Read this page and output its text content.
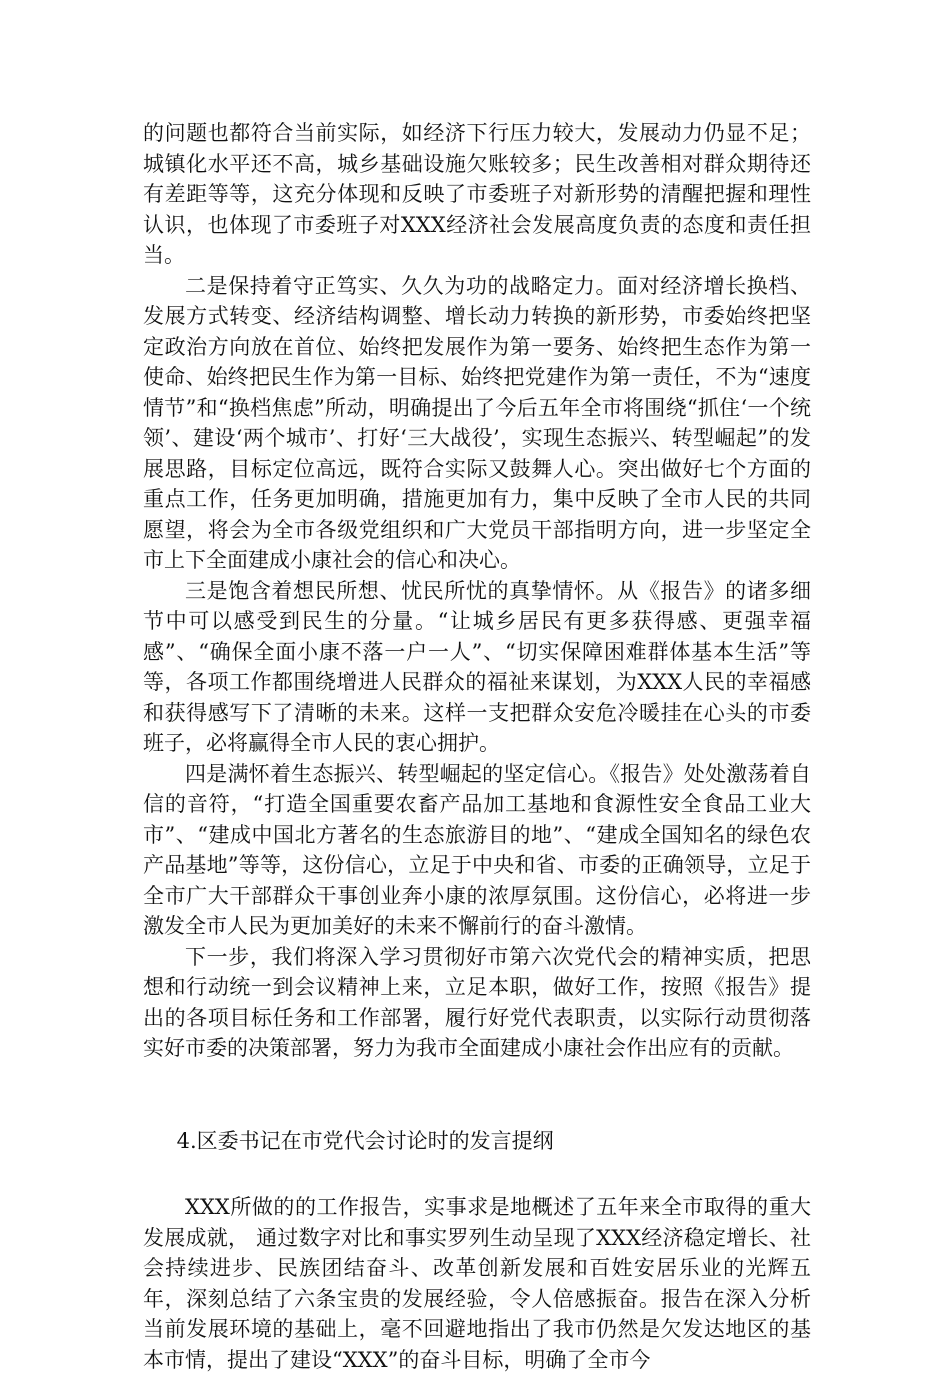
的问题也都符合当前实际，如经济下行压力较大，发展动力仍显不足；城镇化水平还不高，城乡基础设施欠账较多；民生改善相对群众期待还有差距等等，这充分体现和反映了市委班子对新形势的清醒把握和理性认识，也体现了市委班子对XXX经济社会发展高度负责的态度和责任担当。

二是保持着守正笃实、久久为功的战略定力。面对经济增长换档、发展方式转变、经济结构调整、增长动力转换的新形势，市委始终把坚定政治方向放在首位、始终把发展作为第一要务、始终把生态作为第一使命、始终把民生作为第一目标、始终把党建作为第一责任，不为“速度情节”和“换档焦虑”所动，明确提出了今后五年全市将围绕“抓住‘一个统领’、建设‘两个城市’、打好‘三大战役’，实现生态振兴、转型崛起”的发展思路，目标定位高远，既符合实际又鼓舞人心。突出做好七个方面的重点工作，任务更加明确，措施更加有力，集中反映了全市人民的共同愿望，将会为全市各级党组织和广大党员干部指明方向，进一步坚定全市上下全面建成小康社会的信心和决心。

三是饱含着想民所想、忧民所忧的真挚情怀。从《报告》的诸多细节中可以感受到民生的分量。“让城乡居民有更多获得感、更强幸福感”、“确保全面小康不落一户一人”、“切实保障困难群体基本生活”等等，各项工作都围绕增进人民群众的福祉来谋划，为XXX人民的幸福感和获得感写下了清晰的未来。这样一支把群众安危冷暖挂在心头的市委班子，必将赢得全市人民的衷心拥护。

四是满怀着生态振兴、转型崛起的坚定信心。《报告》处处激荡着自信的音符，“打造全国重要农畜产品加工基地和食源性安全食品工业大市”、“建成中国北方著名的生态旅游目的地”、“建成全国知名的绿色农产品基地”等等，这份信心，立足于中央和省、市委的正确领导，立足于全市广大干部群众干事创业奔小康的浓厚氛围。这份信心，必将进一步激发全市人民为更加美好的未来不懈前行的奋斗激情。

下一步，我们将深入学习贯彻好市第六次党代会的精神实质，把思想和行动统一到会议精神上来，立足本职，做好工作，按照《报告》提出的各项目标任务和工作部署，履行好党代表职责，以实际行动贯彻落实好市委的决策部署，努力为我市全面建成小康社会作出应有的贡献。

4.区委书记在市党代会讨论时的发言提纲

XXX所做的的工作报告，实事求是地概述了五年来全市取得的重大发展成就， 通过数字对比和事实罗列生动呈现了XXX经济稳定增长、社会持续进步、民族团结奋斗、改革创新发展和百姓安居乐业的光辉五年，深刻总结了六条宝贵的发展经验，令人倍感振奋。报告在深入分析当前发展环境的基础上，毫不回避地指出了我市仍然是欠发达地区的基本市情，提出了建设“XXX”的奋斗目标，明确了全市今
